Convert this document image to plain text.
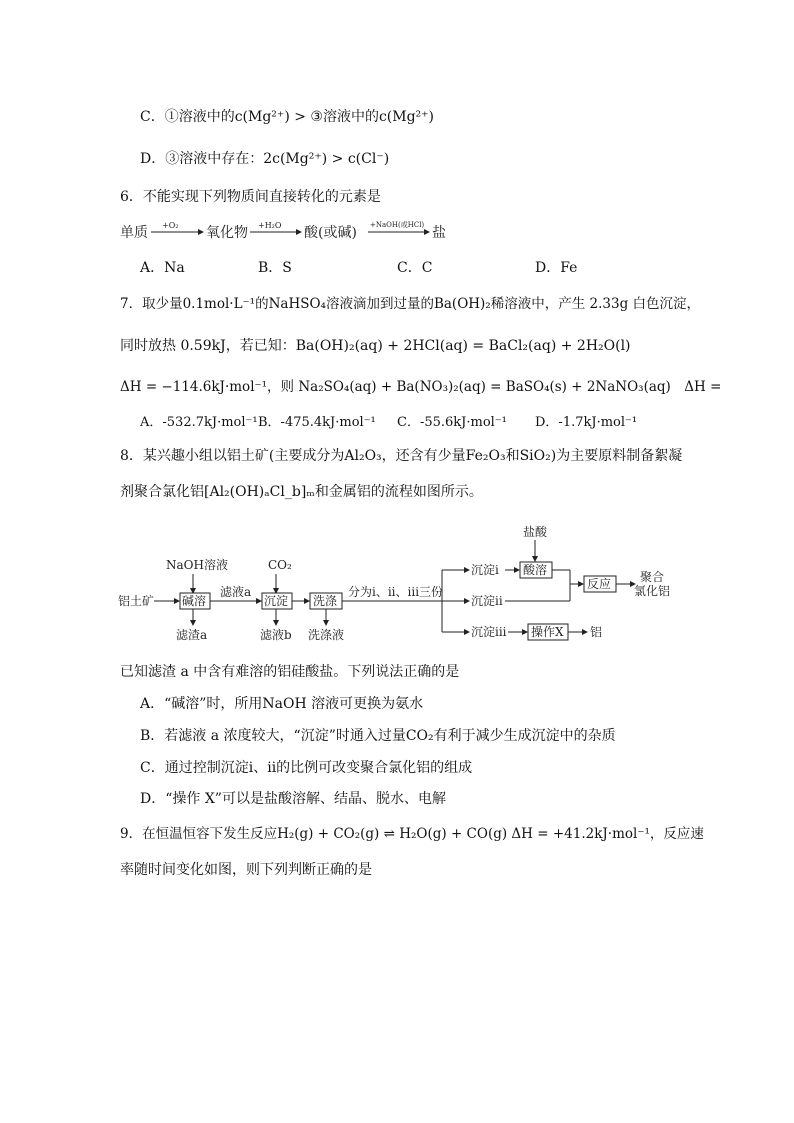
C．①溶液中的c(Mg²⁺) > ③溶液中的c(Mg²⁺)
D．③溶液中存在：2c(Mg²⁺) > c(Cl⁻)
6．不能实现下列物质间直接转化的元素是
单质 +O₂ 氧化物 +H₂O 酸(或碱) +NaOH(或HCl) 盐
A．Na	B．S	C．C	D．Fe
7．取少量0.1mol·L⁻¹的NaHSO₄溶液滴加到过量的Ba(OH)₂稀溶液中，产生 2.33g 白色沉淀，
同时放热 0.59kJ，若已知：Ba(OH)₂(aq) + 2HCl(aq) = BaCl₂(aq) + 2H₂O(l)
ΔH = −114.6kJ·mol⁻¹，则 Na₂SO₄(aq) + Ba(NO₃)₂(aq) = BaSO₄(s) + 2NaNO₃(aq)　ΔH =
A．-532.7kJ·mol⁻¹ B．-475.4kJ·mol⁻¹ C．-55.6kJ·mol⁻¹ D．-1.7kJ·mol⁻¹
8．某兴趣小组以铝土矿(主要成分为Al₂O₃，还含有少量Fe₂O₃和SiO₂)为主要原料制备絮凝
剂聚合氯化铝[Al₂(OH)ₐCl_b]ₘ和金属铝的流程如图所示。
NaOH溶液	CO₂
铝土矿 碱溶
滤液a
沉淀 洗涤
分为i、ii、iii三份
沉淀i
沉淀ii
沉淀iii
盐酸
酸溶
反应 聚合
氯化铝
操作X 铝
滤渣a	滤液b 洗涤液
已知滤渣 a 中含有难溶的铝硅酸盐。下列说法正确的是
A．“碱溶”时，所用NaOH 溶液可更换为氨水
B．若滤液 a 浓度较大，“沉淀”时通入过量CO₂有利于减少生成沉淀中的杂质
C．通过控制沉淀ⅰ、ⅱ的比例可改变聚合氯化铝的组成
D．“操作 X”可以是盐酸溶解、结晶、脱水、电解
9．在恒温恒容下发生反应H₂(g) + CO₂(g) ⇌ H₂O(g) + CO(g) ΔH = +41.2kJ·mol⁻¹，反应速
率随时间变化如图，则下列判断正确的是
